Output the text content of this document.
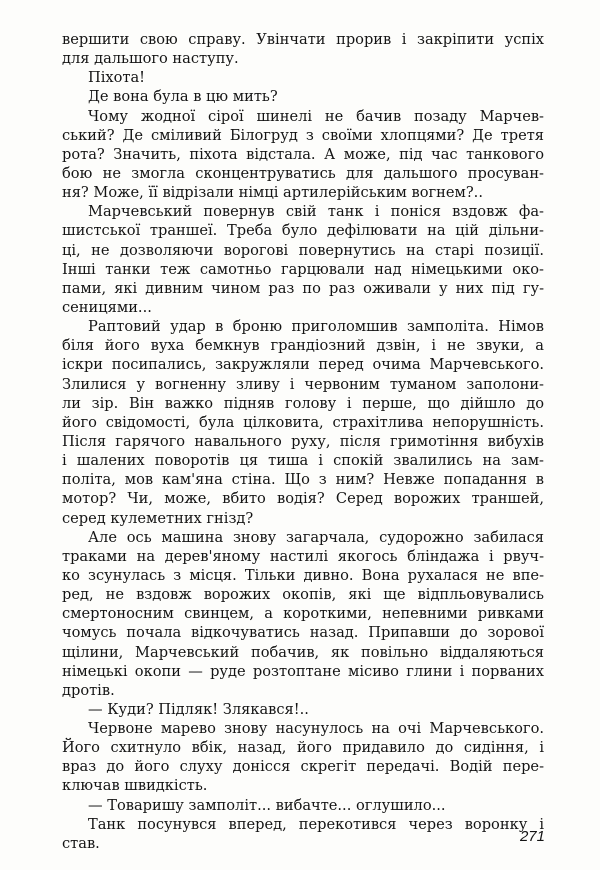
вершити свою справу. Увінчати прорив і закріпити успіх
для дальшого наступу.
Піхота!
Де вона була в цю мить?
Чому жодної сірої шинелі не бачив позаду Марчев-
ський? Де сміливий Білогруд з своїми хлопцями? Де третя
рота? Значить, піхота відстала. А може, під час танкового
бою не змогла сконцентруватись для дальшого просуван-
ня? Може, її відрізали німці артилерійським вогнем?..
Марчевський повернув свій танк і поніся вздовж фа-
шистської траншеї. Треба було дефілювати на цій дільни-
ці, не дозволяючи ворогові повернутись на старі позиції.
Інші танки теж самотньо гарцювали над німецькими око-
пами, які дивним чином раз по раз оживали у них під гу-
сеницями...
Раптовий удар в броню приголомшив замполіта. Німов
біля його вуха бемкнув грандіозний дзвін, і не звуки, а
іскри посипались, закружляли перед очима Марчевського.
Злилися у вогненну зливу і червоним туманом заполони-
ли зір. Він важко підняв голову і перше, що дійшло до
його свідомості, була цілковита, страхітлива непорушність.
Після гарячого навального руху, після гримотіння вибухів
і шалених поворотів ця тиша і спокій звалились на зам-
політа, мов кам'яна стіна. Що з ним? Невже попадання в
мотор? Чи, може, вбито водія? Серед ворожих траншей,
серед кулеметних гнізд?
Але ось машина знову загарчала, судорожно забилася
траками на дерев'яному настилі якогось бліндажа і рвуч-
ко зсунулась з місця. Тільки дивно. Вона рухалася не впе-
ред, не вздовж ворожих окопів, які ще відпльовувались
смертоносним свинцем, а короткими, непевними ривками
чомусь почала відкочуватись назад. Припавши до зорової
щілини, Марчевський побачив, як повільно віддаляються
німецькі окопи — руде розтоптане місиво глини і порваних
дротів.
— Куди? Підляк! Злякався!..
Червоне марево знову насунулось на очі Марчевського.
Його схитнуло вбік, назад, його придавило до сидіння, і
враз до його слуху донісся скрегіт передачі. Водій пере-
ключав швидкість.
— Товаришу замполіт... вибачте... оглушило...
Танк посунувся вперед, перекотився через воронку і
став.	271
